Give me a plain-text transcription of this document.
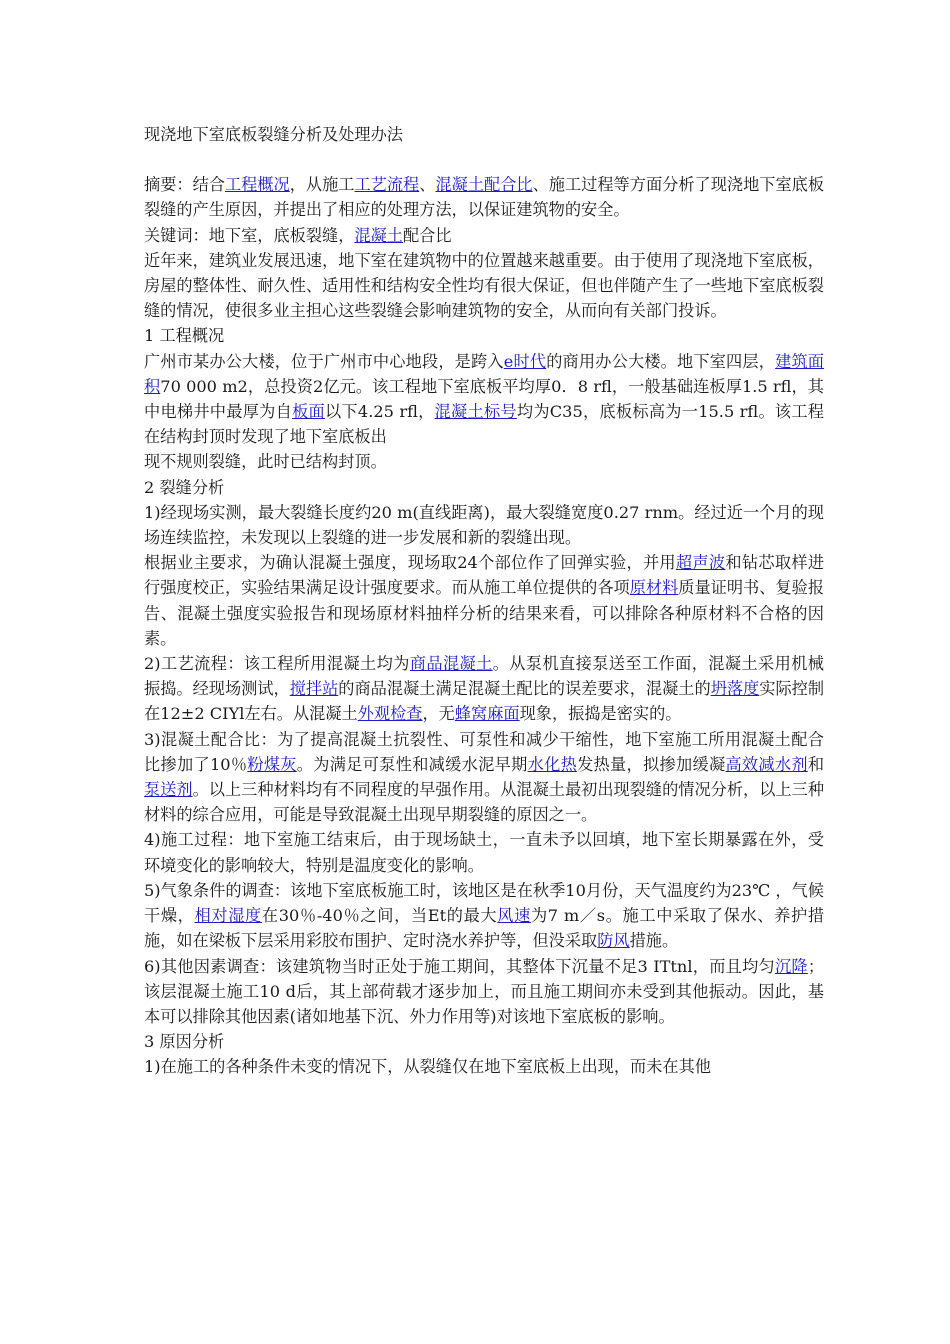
现浇地下室底板裂缝分析及处理办法

摘要：结合工程概况，从施工工艺流程、混凝土配合比、施工过程等方面分析了现浇地下室底板裂缝的产生原因，并提出了相应的处理方法，以保证建筑物的安全。

关键词：地下室，底板裂缝，混凝土配合比

近年来，建筑业发展迅速，地下室在建筑物中的位置越来越重要。由于使用了现浇地下室底板，房屋的整体性、耐久性、适用性和结构安全性均有很大保证，但也伴随产生了一些地下室底板裂缝的情况，使很多业主担心这些裂缝会影响建筑物的安全，从而向有关部门投诉。

1 工程概况

广州市某办公大楼，位于广州市中心地段，是跨入e时代的商用办公大楼。地下室四层，建筑面积70 000 m2，总投资2亿元。该工程地下室底板平均厚0．8 rfl，一般基础连板厚1.5 rfl，其中电梯井中最厚为自板面以下4.25 rfl，混凝土标号均为C35，底板标高为一15.5 rfl。该工程在结构封顶时发现了地下室底板出

现不规则裂缝，此时已结构封顶。

2 裂缝分析

1)经现场实测，最大裂缝长度约20 m(直线距离)，最大裂缝宽度0.27 rnm。经过近一个月的现场连续监控，未发现以上裂缝的进一步发展和新的裂缝出现。

根据业主要求，为确认混凝土强度，现场取24个部位作了回弹实验，并用超声波和钻芯取样进行强度校正，实验结果满足设计强度要求。而从施工单位提供的各项原材料质量证明书、复验报告、混凝土强度实验报告和现场原材料抽样分析的结果来看，可以排除各种原材料不合格的因素。

2)工艺流程：该工程所用混凝土均为商品混凝土。从泵机直接泵送至工作面，混凝土采用机械振捣。经现场测试，搅拌站的商品混凝土满足混凝土配比的误差要求，混凝土的坍落度实际控制在12±2 CIYl左右。从混凝土外观检查，无蜂窝麻面现象，振捣是密实的。

3)混凝土配合比：为了提高混凝土抗裂性、可泵性和减少干缩性，地下室施工所用混凝土配合比掺加了10％粉煤灰。为满足可泵性和减缓水泥早期水化热发热量，拟掺加缓凝高效减水剂和泵送剂。以上三种材料均有不同程度的早强作用。从混凝土最初出现裂缝的情况分析，以上三种材料的综合应用，可能是导致混凝土出现早期裂缝的原因之一。

4)施工过程：地下室施工结束后，由于现场缺土，一直未予以回填，地下室长期暴露在外，受环境变化的影响较大，特别是温度变化的影响。

5)气象条件的调查：该地下室底板施工时，该地区是在秋季10月份，天气温度约为23℃ ，气候干燥，相对湿度在30％-40％之间，当Et的最大风速为7 m／s。施工中采取了保水、养护措施，如在梁板下层采用彩胶布围护、定时浇水养护等，但没采取防风措施。

6)其他因素调查：该建筑物当时正处于施工期间，其整体下沉量不足3 ITtnl，而且均匀沉降；该层混凝土施工10 d后，其上部荷载才逐步加上，而且施工期间亦未受到其他振动。因此，基本可以排除其他因素(诸如地基下沉、外力作用等)对该地下室底板的影响。

3 原因分析

1)在施工的各种条件未变的情况下，从裂缝仅在地下室底板上出现，而未在其他
